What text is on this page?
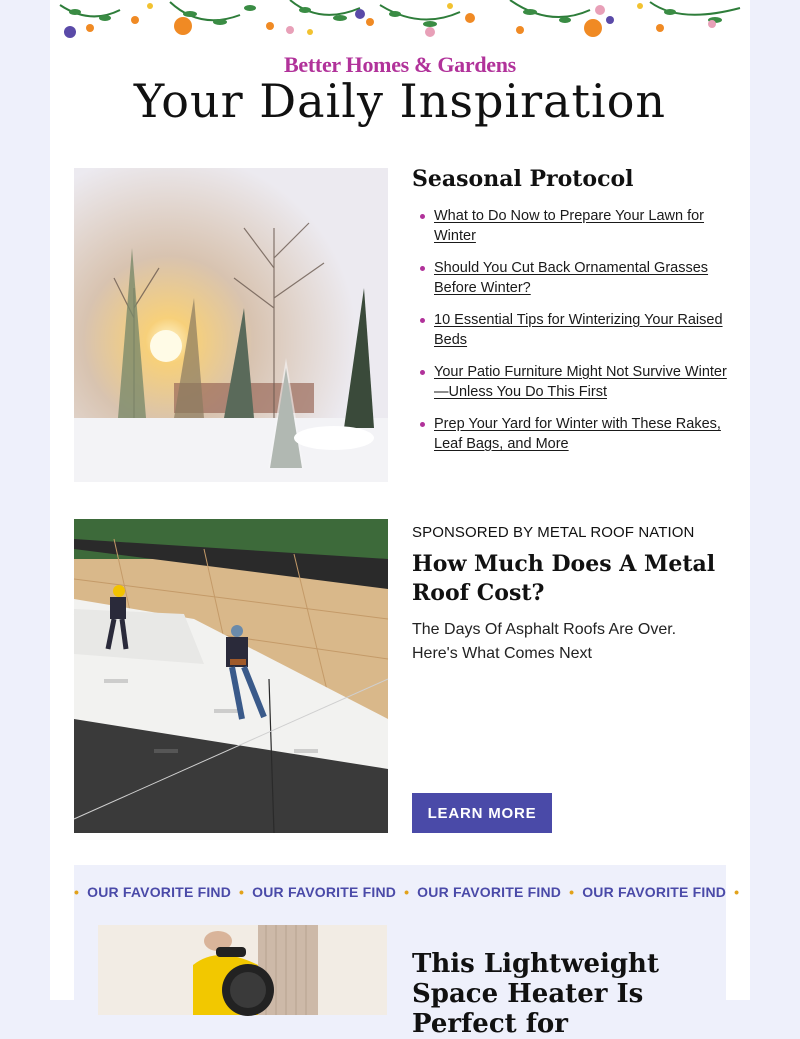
Better Homes & Gardens
Your Daily Inspiration
Seasonal Protocol
What to Do Now to Prepare Your Lawn for Winter
Should You Cut Back Ornamental Grasses Before Winter?
10 Essential Tips for Winterizing Your Raised Beds
Your Patio Furniture Might Not Survive Winter—Unless You Do This First
Prep Your Yard for Winter with These Rakes, Leaf Bags, and More
SPONSORED BY METAL ROOF NATION
How Much Does A Metal Roof Cost?

The Days Of Asphalt Roofs Are Over. Here's What Comes Next

LEARN MORE
• OUR FAVORITE FIND • OUR FAVORITE FIND • OUR FAVORITE FIND • OUR FAVORITE FIND •
This Lightweight Space Heater Is Perfect for
